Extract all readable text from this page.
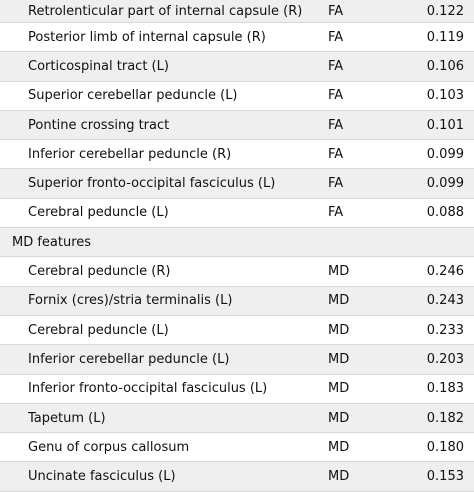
Retrolenticular part of internal capsule (R) FA	0.122
Posterior limb of internal capsule (R)	FA	0.119
Corticospinal tract (L)	FA	0.106
Superior cerebellar peduncle (L)	FA	0.103
Pontine crossing tract	FA	0.101
Inferior cerebellar peduncle (R)	FA	0.099
Superior fronto-occipital fasciculus (L)	FA	0.099
Cerebral peduncle (L)	FA	0.088
MD features
Cerebral peduncle (R)	MD	0.246
Fornix (cres)/stria terminalis (L)	MD	0.243
Cerebral peduncle (L)	MD	0.233
Inferior cerebellar peduncle (L)	MD	0.203
Inferior fronto-occipital fasciculus (L)	MD	0.183
Tapetum (L)	MD	0.182
Genu of corpus callosum	MD	0.180
Uncinate fasciculus (L)	MD	0.153
